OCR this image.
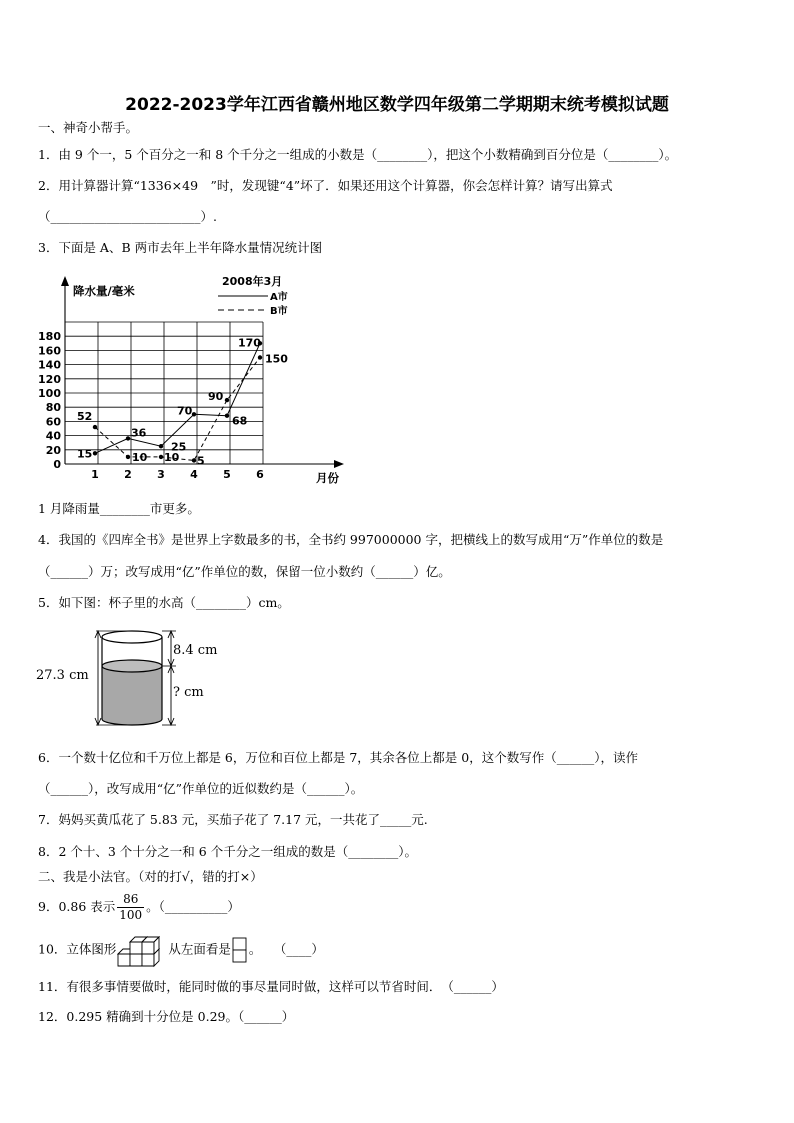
2022-2023学年江西省赣州地区数学四年级第二学期期末统考模拟试题
一、神奇小帮手。
1．由 9 个一，5 个百分之一和 8 个千分之一组成的小数是（________），把这个小数精确到百分位是（________）。
2．用计算器计算“1336×49　”时，发现键“4”坏了．如果还用这个计算器，你会怎样计算？请写出算式
（________________________）.
3．下面是 A、B 两市去年上半年降水量情况统计图
0
20
40
60
80
100
120
140
160
180
1 2 3 4 5 6
降水量/毫米
月份
2008年3月
A市
B市
15
36
25
70
68
170
52
10 10 5
90
150
1 月降雨量________市更多。
4．我国的《四库全书》是世界上字数最多的书，全书约 997000000 字，把横线上的数写成用“万”作单位的数是
（______）万；改写成用“亿”作单位的数，保留一位小数约（______）亿。
5．如下图：杯子里的水高（________）cm。
27.3 cm
8.4 cm
? cm
6．一个数十亿位和千万位上都是 6，万位和百位上都是 7，其余各位上都是 0，这个数写作（______），读作
（______），改写成用“亿”作单位的近似数约是（______）。
7．妈妈买黄瓜花了 5.83 元，买茄子花了 7.17 元，一共花了_____元.
8．2 个十、3 个十分之一和 6 个千分之一组成的数是（________）。
二、我是小法官。（对的打√，错的打×）
9．0.86 表示 $\frac{86}{100}$ 。（__________）
10．立体图形	从左面看是 。　　（____）
11．有很多事情要做时，能同时做的事尽量同时做，这样可以节省时间．　（______）
12．0.295 精确到十分位是 0.29。（______）
